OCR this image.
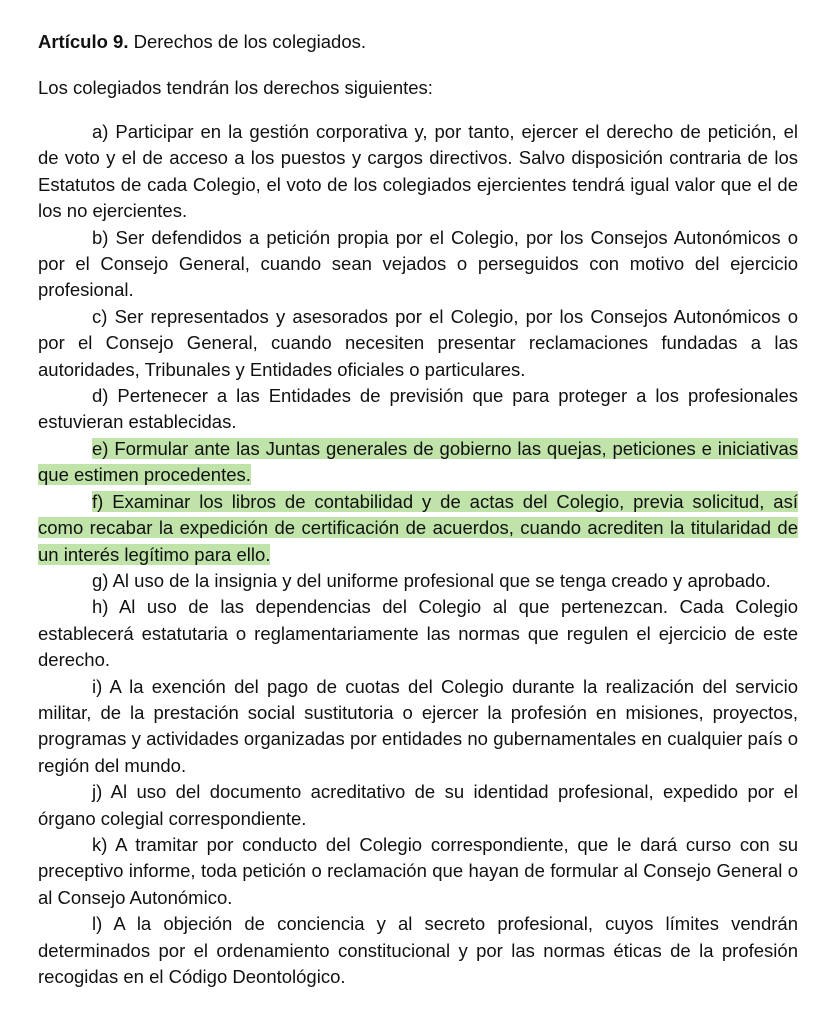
Artículo 9. Derechos de los colegiados.

Los colegiados tendrán los derechos siguientes:

a) Participar en la gestión corporativa y, por tanto, ejercer el derecho de petición, el de voto y el de acceso a los puestos y cargos directivos. Salvo disposición contraria de los Estatutos de cada Colegio, el voto de los colegiados ejercientes tendrá igual valor que el de los no ejercientes.

b) Ser defendidos a petición propia por el Colegio, por los Consejos Autonómicos o por el Consejo General, cuando sean vejados o perseguidos con motivo del ejercicio profesional.

c) Ser representados y asesorados por el Colegio, por los Consejos Autonómicos o por el Consejo General, cuando necesiten presentar reclamaciones fundadas a las autoridades, Tribunales y Entidades oficiales o particulares.

d) Pertenecer a las Entidades de previsión que para proteger a los profesionales estuvieran establecidas.

e) Formular ante las Juntas generales de gobierno las quejas, peticiones e iniciativas que estimen procedentes.

f) Examinar los libros de contabilidad y de actas del Colegio, previa solicitud, así como recabar la expedición de certificación de acuerdos, cuando acrediten la titularidad de un interés legítimo para ello.

g) Al uso de la insignia y del uniforme profesional que se tenga creado y aprobado.

h) Al uso de las dependencias del Colegio al que pertenezcan. Cada Colegio establecerá estatutaria o reglamentariamente las normas que regulen el ejercicio de este derecho.

i) A la exención del pago de cuotas del Colegio durante la realización del servicio militar, de la prestación social sustitutoria o ejercer la profesión en misiones, proyectos, programas y actividades organizadas por entidades no gubernamentales en cualquier país o región del mundo.

j) Al uso del documento acreditativo de su identidad profesional, expedido por el órgano colegial correspondiente.

k) A tramitar por conducto del Colegio correspondiente, que le dará curso con su preceptivo informe, toda petición o reclamación que hayan de formular al Consejo General o al Consejo Autonómico.

l) A la objeción de conciencia y al secreto profesional, cuyos límites vendrán determinados por el ordenamiento constitucional y por las normas éticas de la profesión recogidas en el Código Deontológico.
